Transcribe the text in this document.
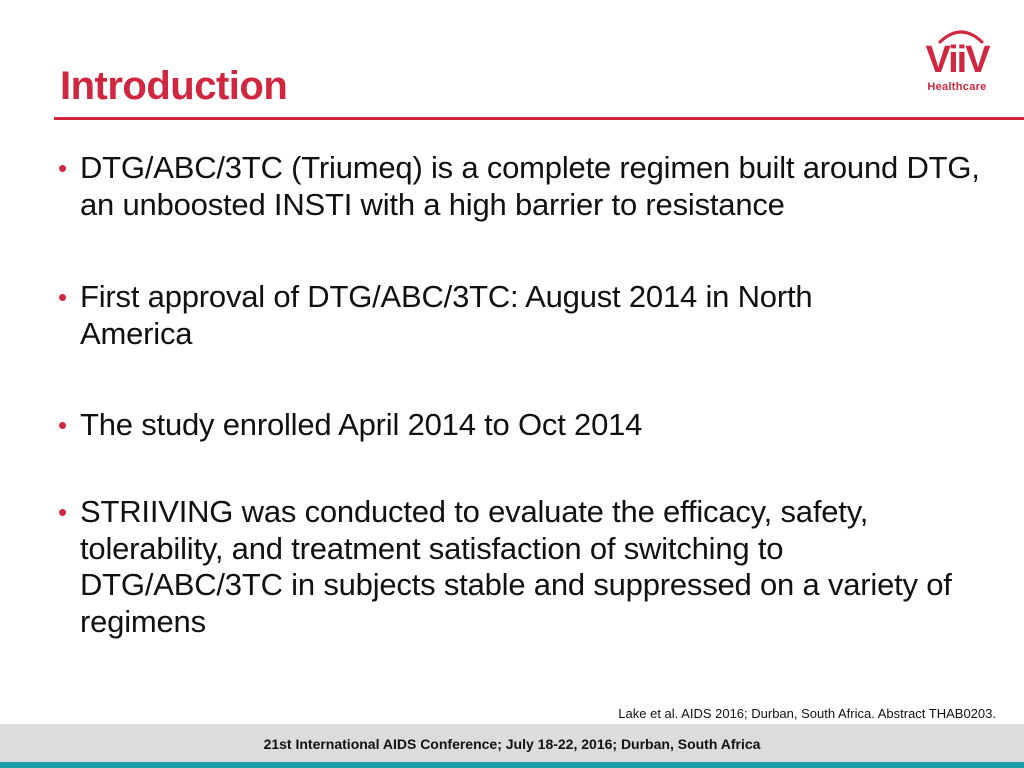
Introduction
ViiV
Healthcare
• DTG/ABC/3TC (Triumeq) is a complete regimen built around DTG, an unboosted INSTI with a high barrier to resistance
• First approval of DTG/ABC/3TC: August 2014 in North America
• The study enrolled April 2014 to Oct 2014
• STRIIVING was conducted to evaluate the efficacy, safety, tolerability, and treatment satisfaction of switching to DTG/ABC/3TC in subjects stable and suppressed on a variety of regimens
Lake et al. AIDS 2016; Durban, South Africa. Abstract THAB0203.
21st International AIDS Conference; July 18-22, 2016; Durban, South Africa
